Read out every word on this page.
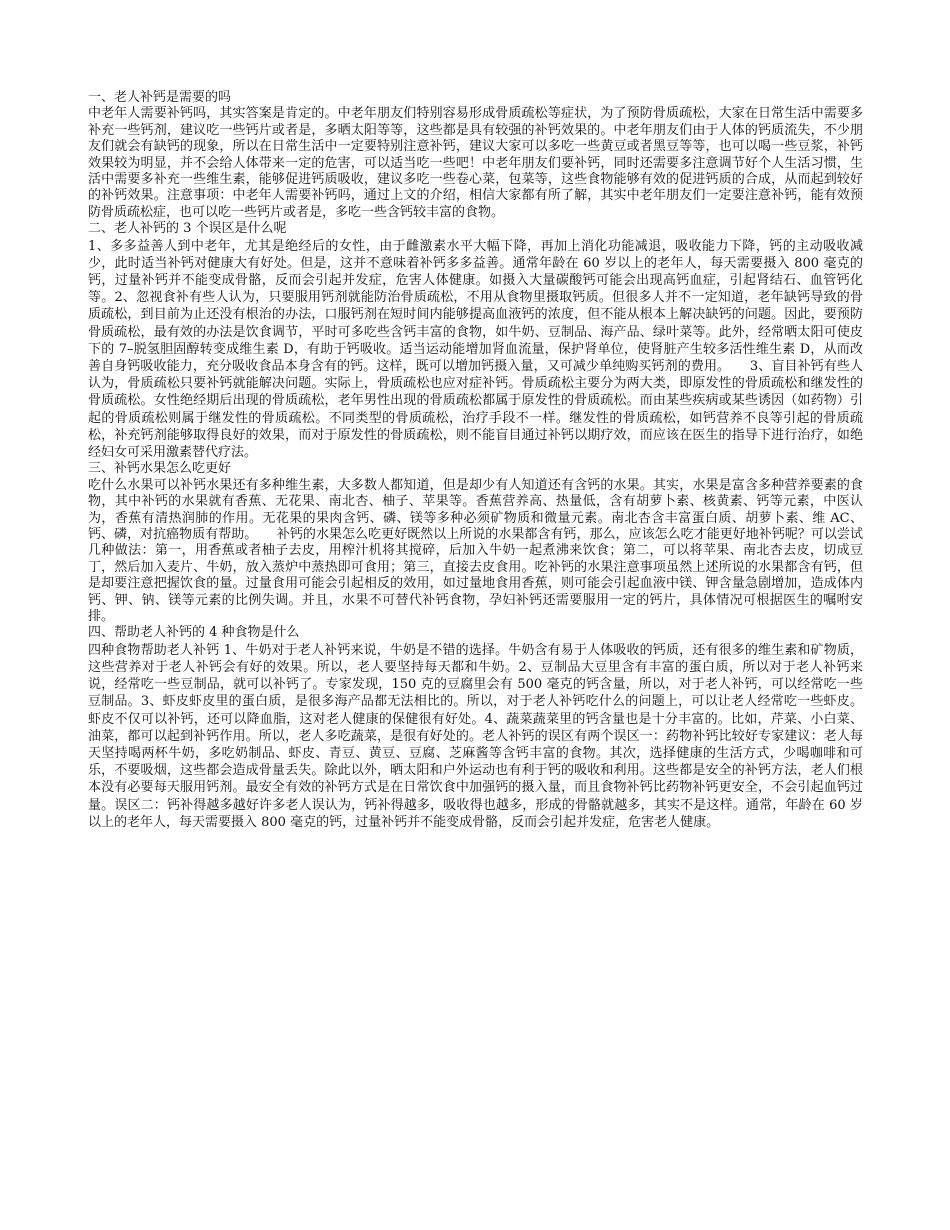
一、老人补钙是需要的吗

中老年人需要补钙吗，其实答案是肯定的。中老年朋友们特别容易形成骨质疏松等症状，为了预防骨质疏松，大家在日常生活中需要多补充一些钙剂，建议吃一些钙片或者是，多晒太阳等等，这些都是具有较强的补钙效果的。中老年朋友们由于人体的钙质流失，不少朋友们就会有缺钙的现象，所以在日常生活中一定要特别注意补钙，建议大家可以多吃一些黄豆或者黑豆等等，也可以喝一些豆浆，补钙效果较为明显，并不会给人体带来一定的危害，可以适当吃一些吧！中老年朋友们要补钙，同时还需要多注意调节好个人生活习惯，生活中需要多补充一些维生素，能够促进钙质吸收，建议多吃一些卷心菜，包菜等，这些食物能够有效的促进钙质的合成，从而起到较好的补钙效果。注意事项：中老年人需要补钙吗，通过上文的介绍，相信大家都有所了解，其实中老年朋友们一定要注意补钙，能有效预防骨质疏松症，也可以吃一些钙片或者是，多吃一些含钙较丰富的食物。

二、老人补钙的 3 个误区是什么呢

1、多多益善人到中老年，尤其是绝经后的女性，由于雌激素水平大幅下降，再加上消化功能减退，吸收能力下降，钙的主动吸收减少，此时适当补钙对健康大有好处。但是，这并不意味着补钙多多益善。通常年龄在 60 岁以上的老年人，每天需要摄入 800 毫克的钙，过量补钙并不能变成骨骼，反而会引起并发症，危害人体健康。如摄入大量碳酸钙可能会出现高钙血症，引起肾结石、血管钙化等。2、忽视食补有些人认为，只要服用钙剂就能防治骨质疏松，不用从食物里摄取钙质。但很多人并不一定知道，老年缺钙导致的骨质疏松，到目前为止还没有根治的办法，口服钙剂在短时间内能够提高血液钙的浓度，但不能从根本上解决缺钙的问题。因此，要预防骨质疏松，最有效的办法是饮食调节，平时可多吃些含钙丰富的食物，如牛奶、豆制品、海产品、绿叶菜等。此外，经常晒太阳可使皮下的 7–脱氢胆固醇转变成维生素 D，有助于钙吸收。适当运动能增加肾血流量，保护肾单位，使肾脏产生较多活性维生素 D，从而改善自身钙吸收能力，充分吸收食品本身含有的钙。这样，既可以增加钙摄入量，又可减少单纯购买钙剂的费用。　　3、盲目补钙有些人认为，骨质疏松只要补钙就能解决问题。实际上，骨质疏松也应对症补钙。骨质疏松主要分为两大类，即原发性的骨质疏松和继发性的骨质疏松。女性绝经期后出现的骨质疏松，老年男性出现的骨质疏松都属于原发性的骨质疏松。而由某些疾病或某些诱因（如药物）引起的骨质疏松则属于继发性的骨质疏松。不同类型的骨质疏松，治疗手段不一样。继发性的骨质疏松，如钙营养不良等引起的骨质疏松，补充钙剂能够取得良好的效果，而对于原发性的骨质疏松，则不能盲目通过补钙以期疗效，而应该在医生的指导下进行治疗，如绝经妇女可采用激素替代疗法。

三、补钙水果怎么吃更好

吃什么水果可以补钙水果还有多种维生素，大多数人都知道，但是却少有人知道还有含钙的水果。其实，水果是富含多种营养要素的食物，其中补钙的水果就有香蕉、无花果、南北杏、柚子、苹果等。香蕉营养高、热量低，含有胡萝卜素、核黄素、钙等元素，中医认为，香蕉有清热润肺的作用。无花果的果肉含钙、磷、镁等多种必须矿物质和微量元素。南北杏含丰富蛋白质、胡萝卜素、维 AC、钙、磷，对抗癌物质有帮助。　　补钙的水果怎么吃更好既然以上所说的水果都含有钙，那么，应该怎么吃才能更好地补钙呢？可以尝试几种做法：第一，用香蕉或者柚子去皮，用榨汁机将其搅碎，后加入牛奶一起煮沸来饮食；第二，可以将苹果、南北杏去皮，切成豆丁，然后加入麦片、牛奶，放入蒸炉中蒸热即可食用；第三，直接去皮食用。吃补钙的水果注意事项虽然上述所说的水果都含有钙，但是却要注意把握饮食的量。过量食用可能会引起相反的效用，如过量地食用香蕉，则可能会引起血液中镁、钾含量急剧增加，造成体内钙、钾、钠、镁等元素的比例失调。并且，水果不可替代补钙食物，孕妇补钙还需要服用一定的钙片，具体情况可根据医生的嘱咐安排。

四、帮助老人补钙的 4 种食物是什么

四种食物帮助老人补钙 1、牛奶对于老人补钙来说，牛奶是不错的选择。牛奶含有易于人体吸收的钙质，还有很多的维生素和矿物质，这些营养对于老人补钙会有好的效果。所以，老人要坚持每天都和牛奶。2、豆制品大豆里含有丰富的蛋白质，所以对于老人补钙来说，经常吃一些豆制品，就可以补钙了。专家发现，150 克的豆腐里会有 500 毫克的钙含量，所以，对于老人补钙，可以经常吃一些豆制品。3、虾皮虾皮里的蛋白质，是很多海产品都无法相比的。所以，对于老人补钙吃什么的问题上，可以让老人经常吃一些虾皮。虾皮不仅可以补钙，还可以降血脂，这对老人健康的保健很有好处。4、蔬菜蔬菜里的钙含量也是十分丰富的。比如，芹菜、小白菜、油菜，都可以起到补钙作用。所以，老人多吃蔬菜，是很有好处的。老人补钙的误区有两个误区一：药物补钙比较好专家建议：老人每天坚持喝两杯牛奶，多吃奶制品、虾皮、青豆、黄豆、豆腐、芝麻酱等含钙丰富的食物。其次，选择健康的生活方式，少喝咖啡和可乐，不要吸烟，这些都会造成骨量丢失。除此以外，晒太阳和户外运动也有利于钙的吸收和利用。这些都是安全的补钙方法，老人们根本没有必要每天服用钙剂。最安全有效的补钙方式是在日常饮食中加强钙的摄入量，而且食物补钙比药物补钙更安全，不会引起血钙过量。误区二：钙补得越多越好许多老人误认为，钙补得越多，吸收得也越多，形成的骨骼就越多，其实不是这样。通常，年龄在 60 岁以上的老年人，每天需要摄入 800 毫克的钙，过量补钙并不能变成骨骼，反而会引起并发症，危害老人健康。
